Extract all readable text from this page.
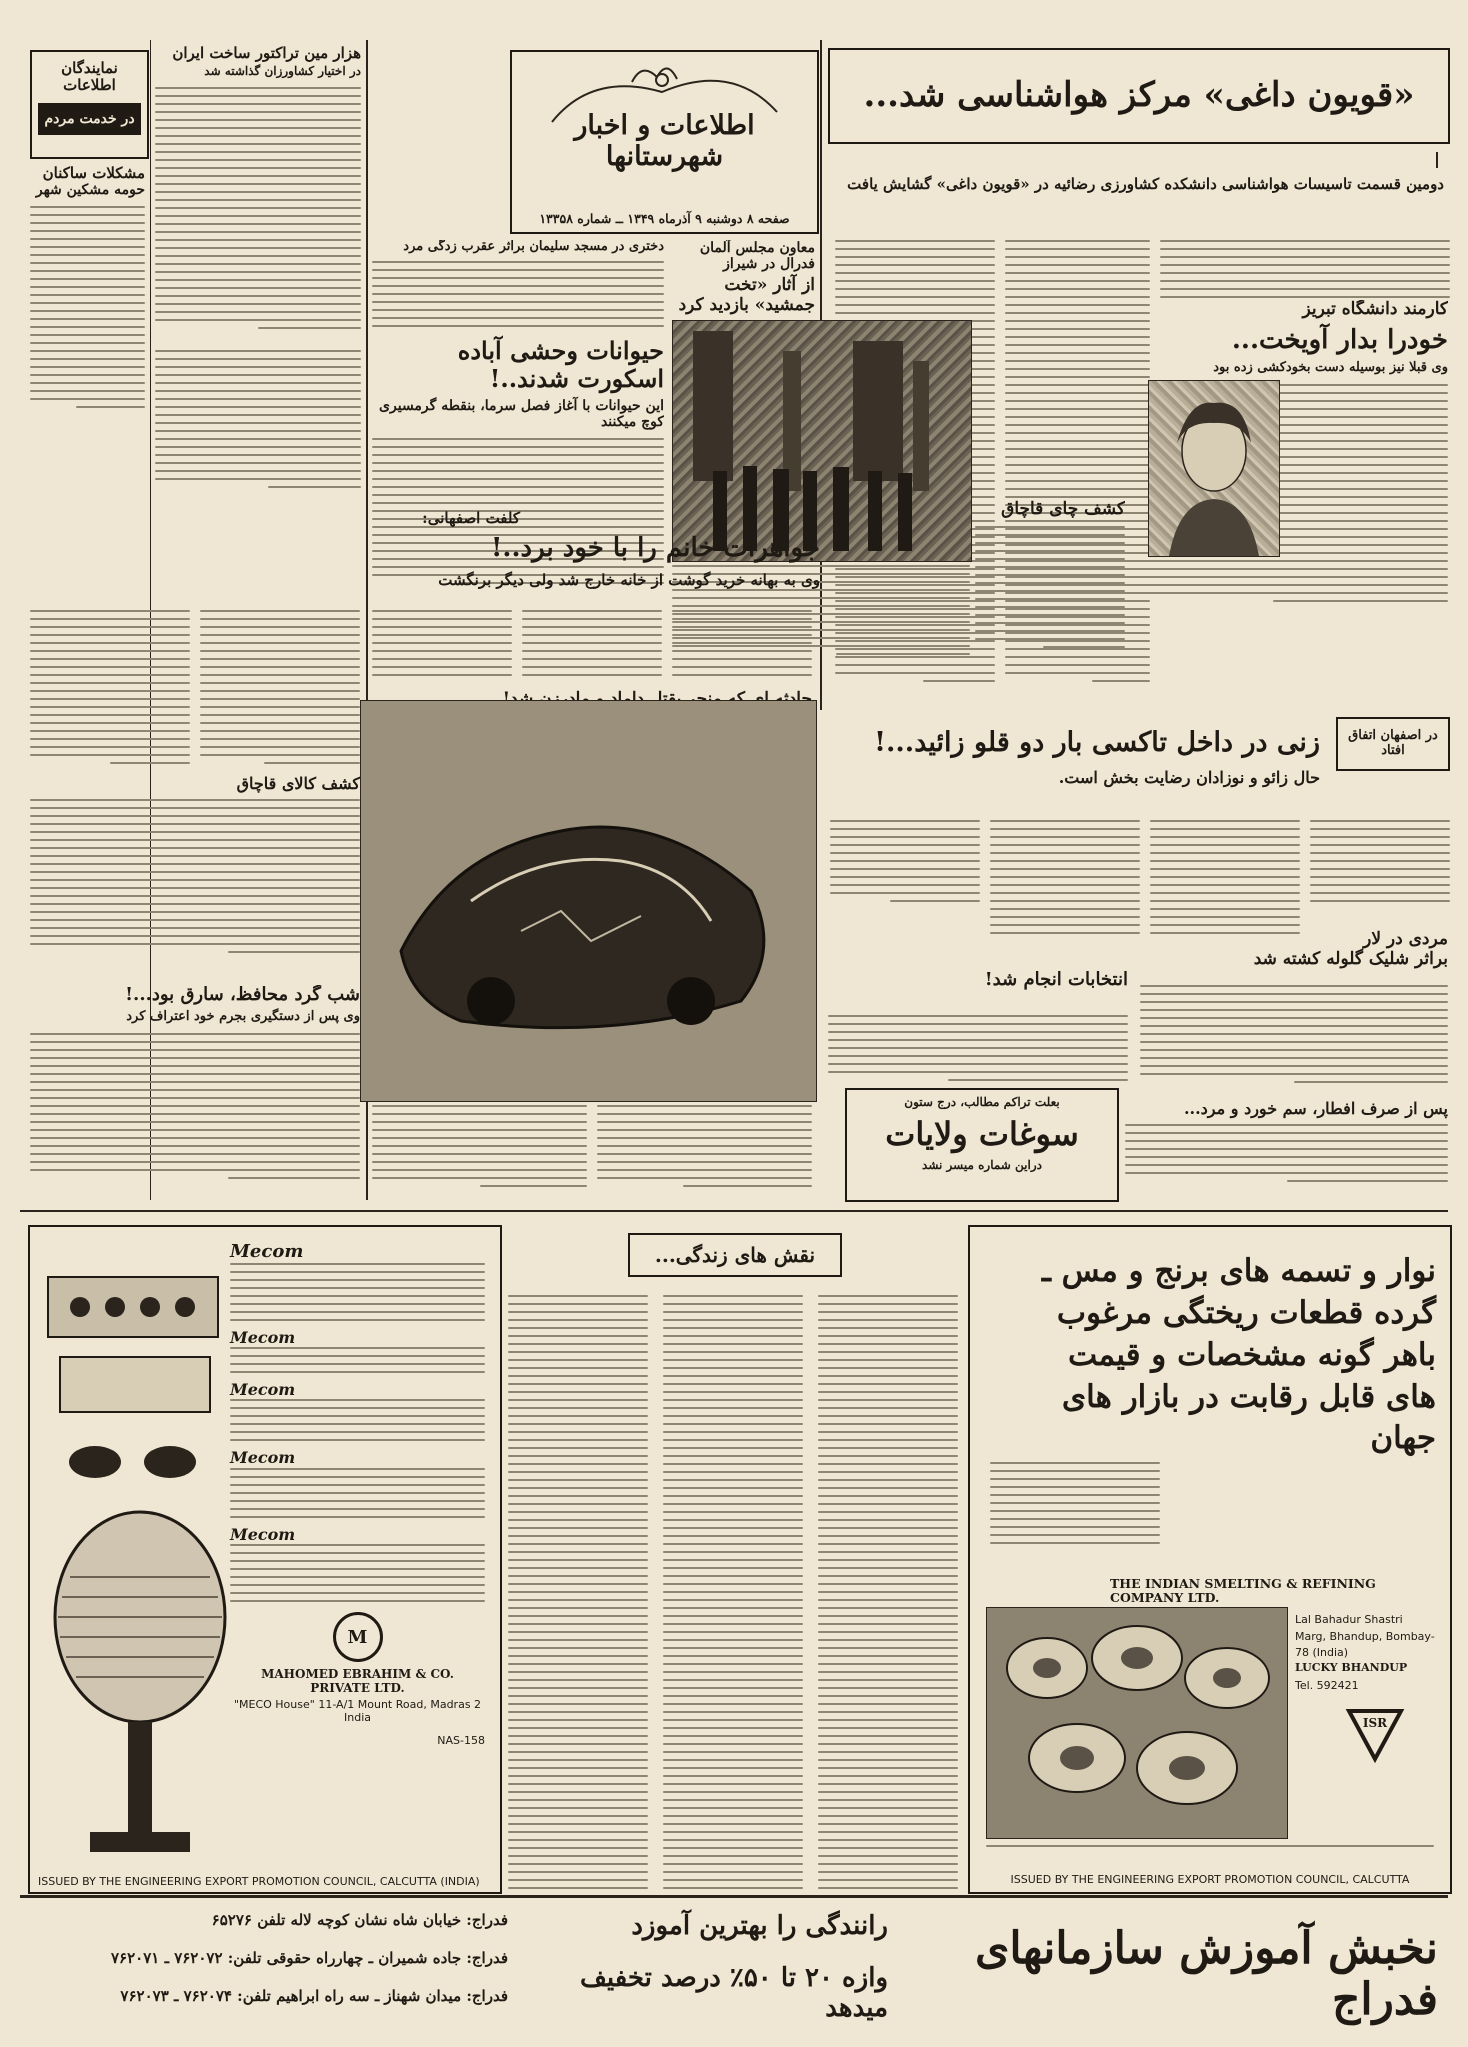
نمایندگان اطلاعات
در خدمت مردم
مشکلات ساکنان
حومه مشکین شهر
هزار مین تراکتور ساخت ایران
در اختیار کشاورزان گذاشته شد
اطلاعات و اخبار شهرستانها
صفحه ۸ دوشنبه ۹ آذرماه ۱۳۴۹ ــ شماره ۱۳۳۵۸
«قویون داغی» مرکز هواشناسی شد...
دومین قسمت تاسیسات هواشناسی دانشکده کشاورزی رضائیه در «قویون داغی» گشایش یافت
کارمند دانشگاه تبریز
خودرا بدار آویخت...
وی قبلا نیز بوسیله دست بخودکشی زده بود
معاون مجلس آلمان فدرال در شیراز
از آثار «تخت جمشید» بازدید کرد
دختری در مسجد سلیمان براثر عقرب زدگی مرد
حیوانات وحشی آباده اسکورت شدند..!
این حیوانات با آغاز فصل سرما، بنقطه گرمسیری کوچ میکنند
کشف چای قاچاق
کلفت اصفهانی:
جواهرات خانم را با خود برد..!
وی به بهانه خرید گوشت از خانه خارج شد ولی دیگر برنگشت
کشف کالای قاچاق
شب گرد محافظ، سارق بود...!
وی پس از دستگیری بجرم خود اعتراف کرد
در اصفهان اتفاق افتاد
زنی در داخل تاکسی بار دو قلو زائید...!
حال زائو و نوزادان رضایت بخش است.
انتخابات انجام شد!
مردی در لار
براثر شلیک گلوله کشته شد
بعلت تراکم مطالب، درج ستون
سوغات ولایات
دراین شماره میسر نشد
پس از صرف افطار، سم خورد و مرد...
Mecom
Mecom
Mecom
Mecom
Mecom
M
MAHOMED EBRAHIM & CO. PRIVATE LTD.
"MECO House" 11-A/1 Mount Road, Madras 2 India
NAS-158
ISSUED BY THE ENGINEERING EXPORT PROMOTION COUNCIL, CALCUTTA (INDIA)
نقش های زندگی...	نوار و تسمه های برنج و مس ـ گرده قطعات ریختگی مرغوب باهر گونه مشخصات و قیمت های قابل رقابت در بازار های جهان
THE INDIAN SMELTING & REFINING COMPANY LTD.
Lal Bahadur Shastri Marg, Bhandup, Bombay-78 (India)
LUCKY BHANDUP
Tel. 592421
ISR
ISSUED BY THE ENGINEERING EXPORT PROMOTION COUNCIL, CALCUTTA
نخبش آموزش سازمانهای فدراج
رانندگی را بهترین آموزد
وازه ۲۰ تا ۵۰٪ درصد تخفیف میدهد
فدراج: خیابان شاه نشان کوچه لاله تلفن ۶۵۲۷۶
فدراج: جاده شمیران ـ چهارراه حقوقی تلفن: ۷۶۲۰۷۲ ـ ۷۶۲۰۷۱
فدراج: میدان شهناز ـ سه راه ابراهیم تلفن: ۷۶۲۰۷۴ ـ ۷۶۲۰۷۳
